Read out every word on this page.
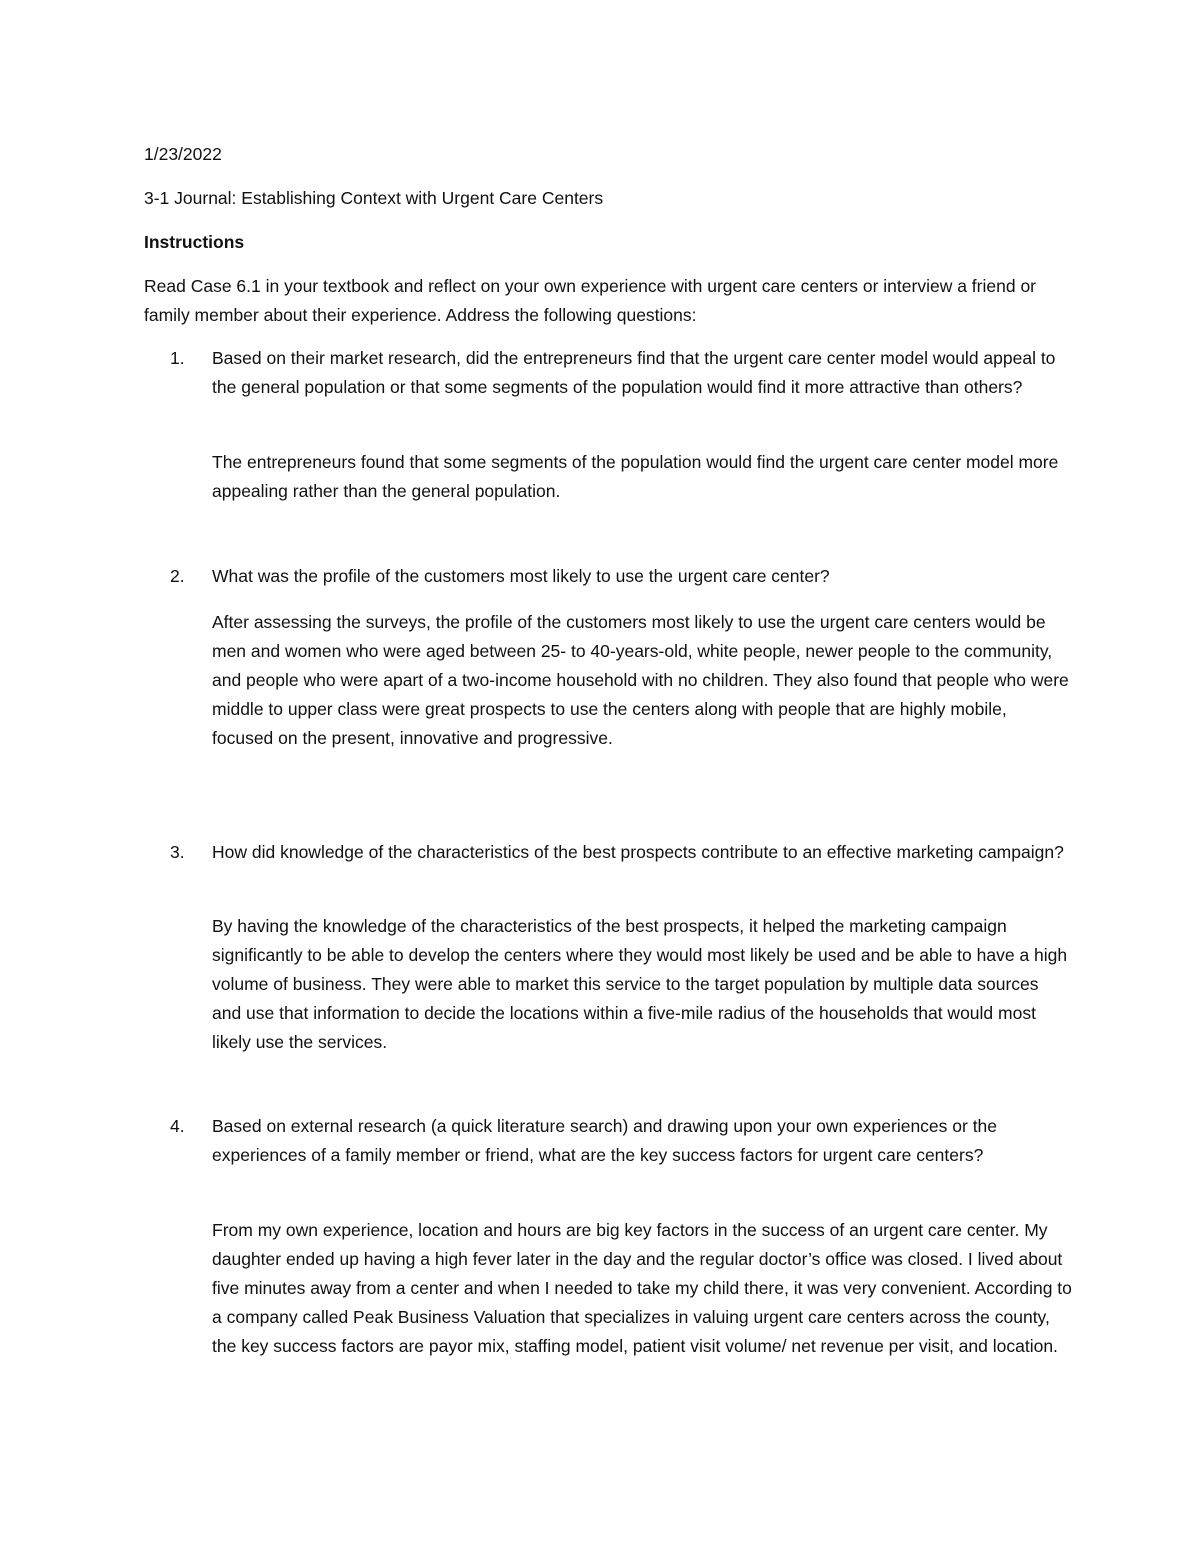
1/23/2022

3-1 Journal: Establishing Context with Urgent Care Centers

Instructions

Read Case 6.1 in your textbook and reflect on your own experience with urgent care centers or interview a friend or family member about their experience. Address the following questions:

1.	Based on their market research, did the entrepreneurs find that the urgent care center model would appeal to the general population or that some segments of the population would find it more attractive than others?

The entrepreneurs found that some segments of the population would find the urgent care center model more appealing rather than the general population.

2.	What was the profile of the customers most likely to use the urgent care center?

After assessing the surveys, the profile of the customers most likely to use the urgent care centers would be men and women who were aged between 25- to 40-years-old, white people, newer people to the community, and people who were apart of a two-income household with no children. They also found that people who were middle to upper class were great prospects to use the centers along with people that are highly mobile, focused on the present, innovative and progressive.

3.	How did knowledge of the characteristics of the best prospects contribute to an effective marketing campaign?

By having the knowledge of the characteristics of the best prospects, it helped the marketing campaign significantly to be able to develop the centers where they would most likely be used and be able to have a high volume of business. They were able to market this service to the target population by multiple data sources and use that information to decide the locations within a five-mile radius of the households that would most likely use the services.

4.	Based on external research (a quick literature search) and drawing upon your own experiences or the experiences of a family member or friend, what are the key success factors for urgent care centers?

From my own experience, location and hours are big key factors in the success of an urgent care center. My daughter ended up having a high fever later in the day and the regular doctor’s office was closed. I lived about five minutes away from a center and when I needed to take my child there, it was very convenient. According to a company called Peak Business Valuation that specializes in valuing urgent care centers across the county, the key success factors are payor mix, staffing model, patient visit volume/ net revenue per visit, and location.
